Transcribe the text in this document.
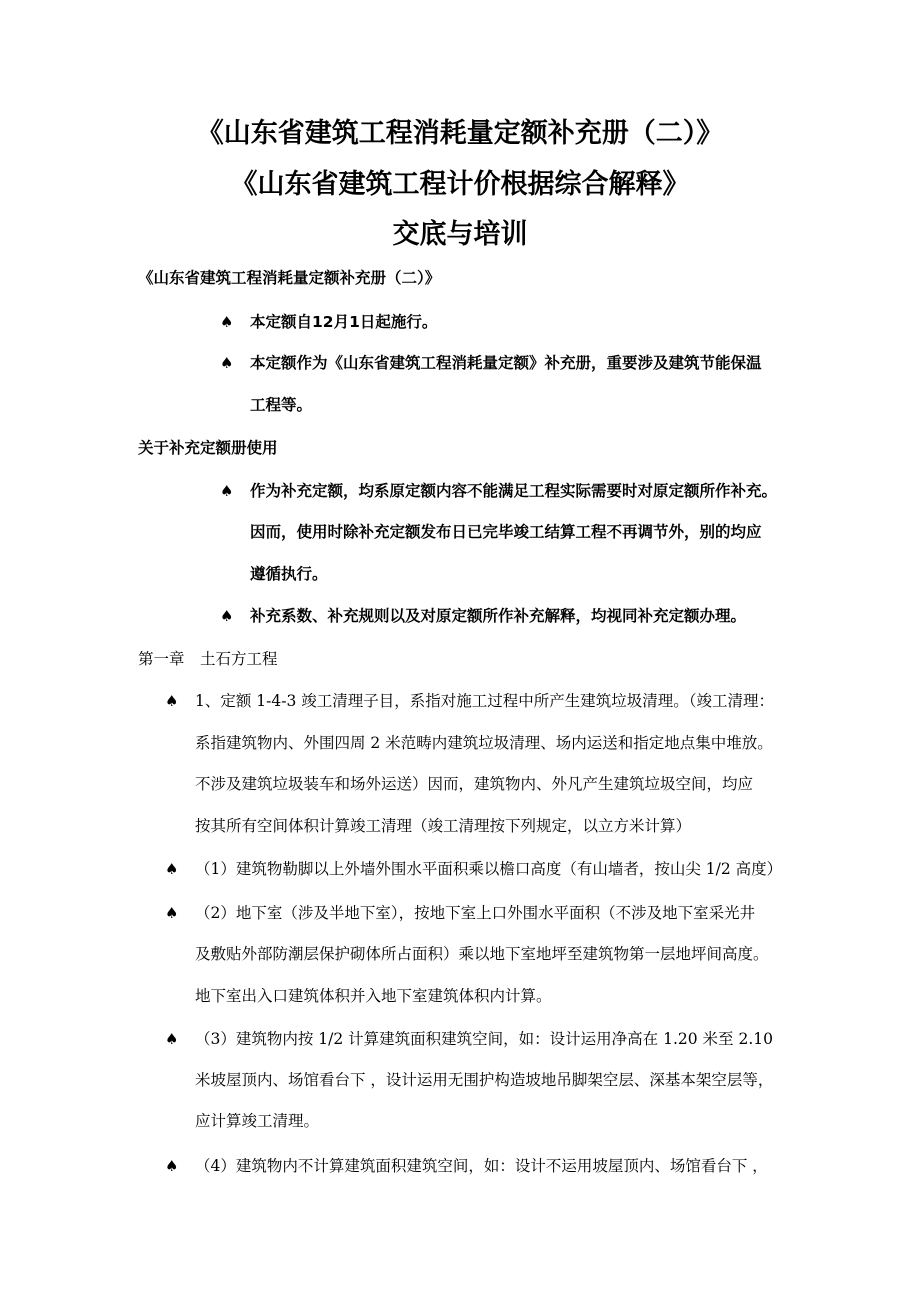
《山东省建筑工程消耗量定额补充册（二）》
《山东省建筑工程计价根据综合解释》
交底与培训
《山东省建筑工程消耗量定额补充册（二）》
♠ 本定额自12月1日起施行。
♠ 本定额作为《山东省建筑工程消耗量定额》补充册，重要涉及建筑节能保温
工程等。
关于补充定额册使用
♠ 作为补充定额，均系原定额内容不能满足工程实际需要时对原定额所作补充。
因而，使用时除补充定额发布日已完毕竣工结算工程不再调节外，别的均应
遵循执行。
♠ 补充系数、补充规则以及对原定额所作补充解释，均视同补充定额办理。
第一章　土石方工程
♠ 1、定额 1-4-3 竣工清理子目，系指对施工过程中所产生建筑垃圾清理。（竣工清理：
系指建筑物内、外围四周 2 米范畴内建筑垃圾清理、场内运送和指定地点集中堆放。
不涉及建筑垃圾装车和场外运送）因而，建筑物内、外凡产生建筑垃圾空间，均应
按其所有空间体积计算竣工清理（竣工清理按下列规定，以立方米计算）
♠ （1）建筑物勒脚以上外墙外围水平面积乘以檐口高度（有山墙者，按山尖 1/2 高度）
♠ （2）地下室（涉及半地下室），按地下室上口外围水平面积（不涉及地下室采光井
及敷贴外部防潮层保护砌体所占面积）乘以地下室地坪至建筑物第一层地坪间高度。
地下室出入口建筑体积并入地下室建筑体积内计算。
♠ （3）建筑物内按 1/2 计算建筑面积建筑空间，如：设计运用净高在 1.20 米至 2.10
米坡屋顶内、场馆看台下 ，设计运用无围护构造坡地吊脚架空层、深基本架空层等，
应计算竣工清理。
♠ （4）建筑物内不计算建筑面积建筑空间，如：设计不运用坡屋顶内、场馆看台下 ，
